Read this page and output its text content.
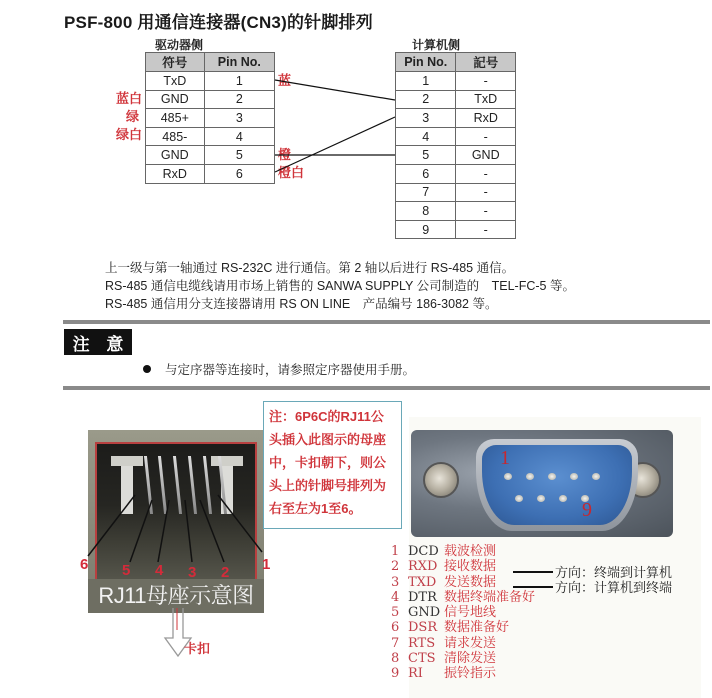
PSF-800 用通信连接器(CN3)的针脚排列
驱动器侧
符号	Pin No.
TxD	1
GND	2
485+	3
485-	4
GND	5
RxD	6
蓝白
绿
绿白
蓝
橙
橙白
计算机侧
Pin No.	記号
1	-
2	TxD
3	RxD
4	-
5	GND
6	-
7	-
8	-
9	-
上一级与第一轴通过 RS-232C 进行通信。第 2 轴以后进行 RS-485 通信。
RS-485 通信电缆线请用市场上销售的 SANWA SUPPLY 公司制造的　TEL-FC-5 等。
RS-485 通信用分支连接器请用 RS ON LINE　产品编号 186-3082 等。
注 意
与定序器等连接时，请参照定序器使用手册。
RJ11母座示意图
6 5 4 3 2 1
卡扣
注：6P6C的RJ11公
头插入此图示的母座
中，卡扣朝下，则公
头上的针脚号排列为
右至左为1至6。
1
9
1 DCD 载波检测
2 RXD 接收数据
3 TXD 发送数据
4 DTR 数据终端准备好
5 GND 信号地线
6 DSR 数据准备好
7 RTS 请求发送
8 CTS 清除发送
9 RI 振铃指示
方向：终端到计算机
方向：计算机到终端
